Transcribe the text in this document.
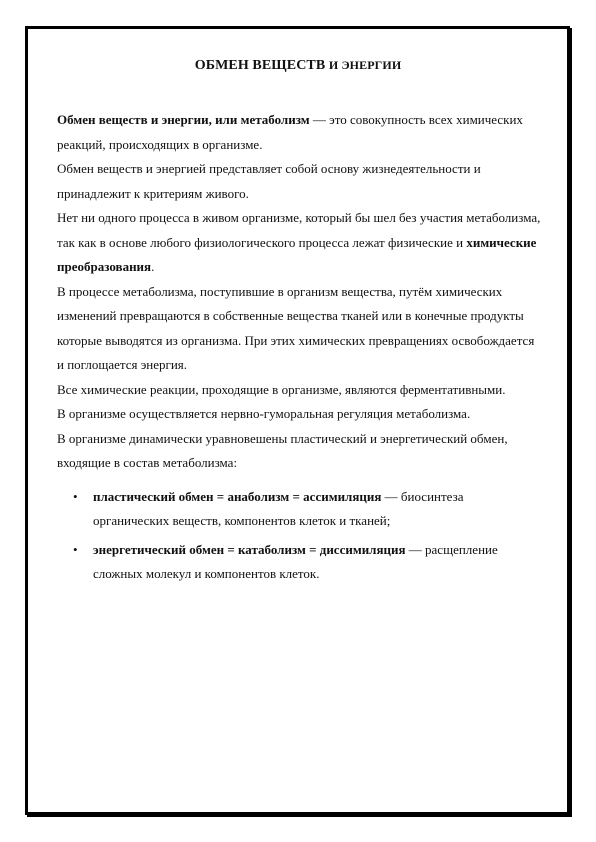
ОБМЕН ВЕЩЕСТВ И ЭНЕРГИИ

Обмен веществ и энергии, или метаболизм — это совокупность всех химических реакций, происходящих в организме.

Обмен веществ и энергией представляет собой основу жизнедеятельности и принадлежит к критериям живого.

Нет ни одного процесса в живом организме, который бы шел без участия метаболизма, так как в основе любого физиологического процесса лежат физические и химические преобразования.

В процессе метаболизма, поступившие в организм вещества, путём химических изменений превращаются в собственные вещества тканей или в конечные продукты которые выводятся из организма. При этих химических превращениях освобождается и поглощается энергия.

Все химические реакции, проходящие в организме, являются ферментативными.

В организме осуществляется нервно-гуморальная регуляция метаболизма.

В организме динамически уравновешены пластический и энергетический обмен, входящие в состав метаболизма:

• пластический обмен = анаболизм = ассимиляция — биосинтеза органических веществ, компонентов клеток и тканей;
• энергетический обмен = катаболизм = диссимиляция — расщепление сложных молекул и компонентов клеток.
